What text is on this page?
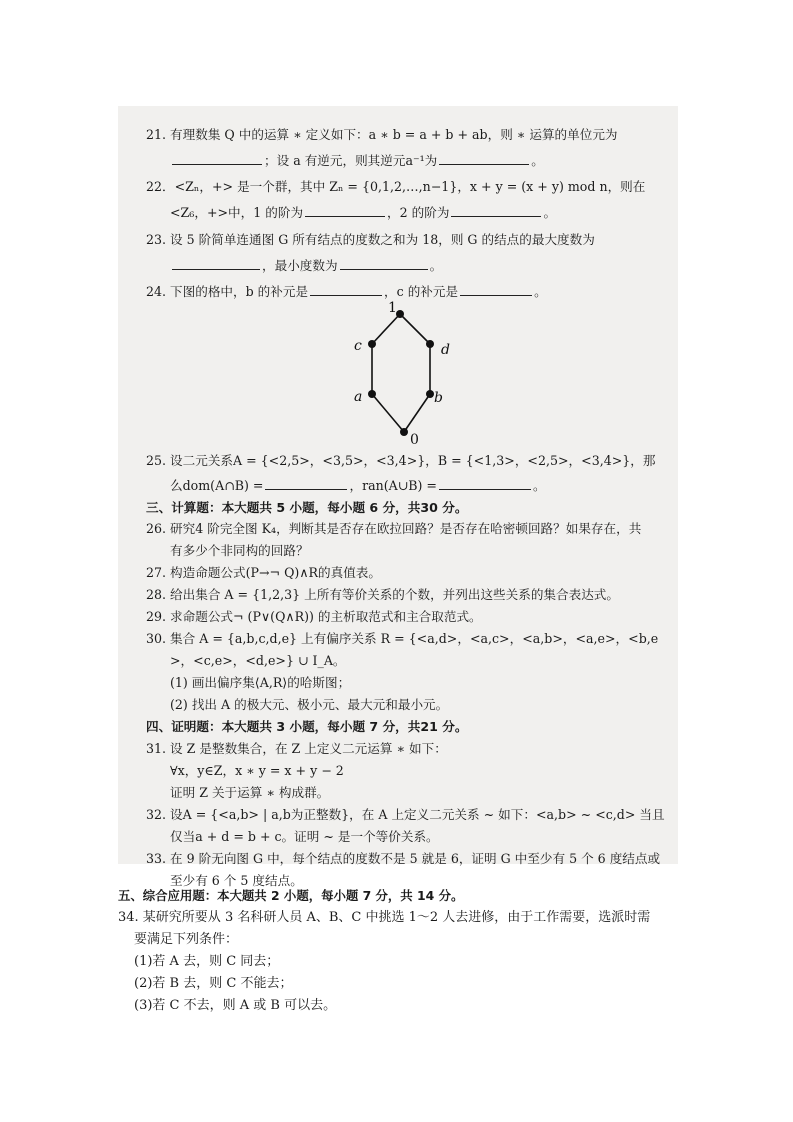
21. 有理数集 Q 中的运算 ∗ 定义如下：a ∗ b = a + b + ab，则 ∗ 运算的单位元为
；设 a 有逆元，则其逆元a⁻¹为	。
22．<Zₙ，+> 是一个群，其中 Zₙ = {0,1,2,…,n−1}，x + y = (x + y) mod n，则在
<Z₆，+>中，1 的阶为	，2 的阶为	。
23. 设 5 阶简单连通图 G 所有结点的度数之和为 18，则 G 的结点的最大度数为
，最小度数为	。
24. 下图的格中，b 的补元是	，c 的补元是	。
1
c	d
a	b
0
25. 设二元关系A = {<2,5>，<3,5>，<3,4>}，B = {<1,3>，<2,5>，<3,4>}，那
么dom(A∩B) =	，ran(A∪B) =	。
三、计算题：本大题共 5 小题，每小题 6 分，共30 分。
26. 研究4 阶完全图 K₄，判断其是否存在欧拉回路？是否存在哈密顿回路？如果存在，共
有多少个非同构的回路？
27. 构造命题公式(P→¬ Q)∧R的真值表。
28. 给出集合 A = {1,2,3} 上所有等价关系的个数，并列出这些关系的集合表达式。
29. 求命题公式¬ (P∨(Q∧R)) 的主析取范式和主合取范式。
30. 集合 A = {a,b,c,d,e} 上有偏序关系 R = {<a,d>，<a,c>，<a,b>，<a,e>，<b,e
>，<c,e>，<d,e>} ∪ I_A。
(1) 画出偏序集⟨A,R⟩的哈斯图；
(2) 找出 A 的极大元、极小元、最大元和最小元。
四、证明题：本大题共 3 小题，每小题 7 分，共21 分。
31. 设 Z 是整数集合，在 Z 上定义二元运算 ∗ 如下：
∀x，y∈Z，x ∗ y = x + y − 2
证明 Z 关于运算 ∗ 构成群。
32. 设A = {<a,b> | a,b为正整数}，在 A 上定义二元关系 ~ 如下：<a,b> ~ <c,d> 当且
仅当a + d = b + c。证明 ~ 是一个等价关系。
33. 在 9 阶无向图 G 中，每个结点的度数不是 5 就是 6，证明 G 中至少有 5 个 6 度结点或
至少有 6 个 5 度结点。
五、综合应用题：本大题共 2 小题，每小题 7 分，共 14 分。
34. 某研究所要从 3 名科研人员 A、B、C 中挑选 1～2 人去进修，由于工作需要，选派时需
要满足下列条件：
(1)若 A 去，则 C 同去；
(2)若 B 去，则 C 不能去；
(3)若 C 不去，则 A 或 B 可以去。
